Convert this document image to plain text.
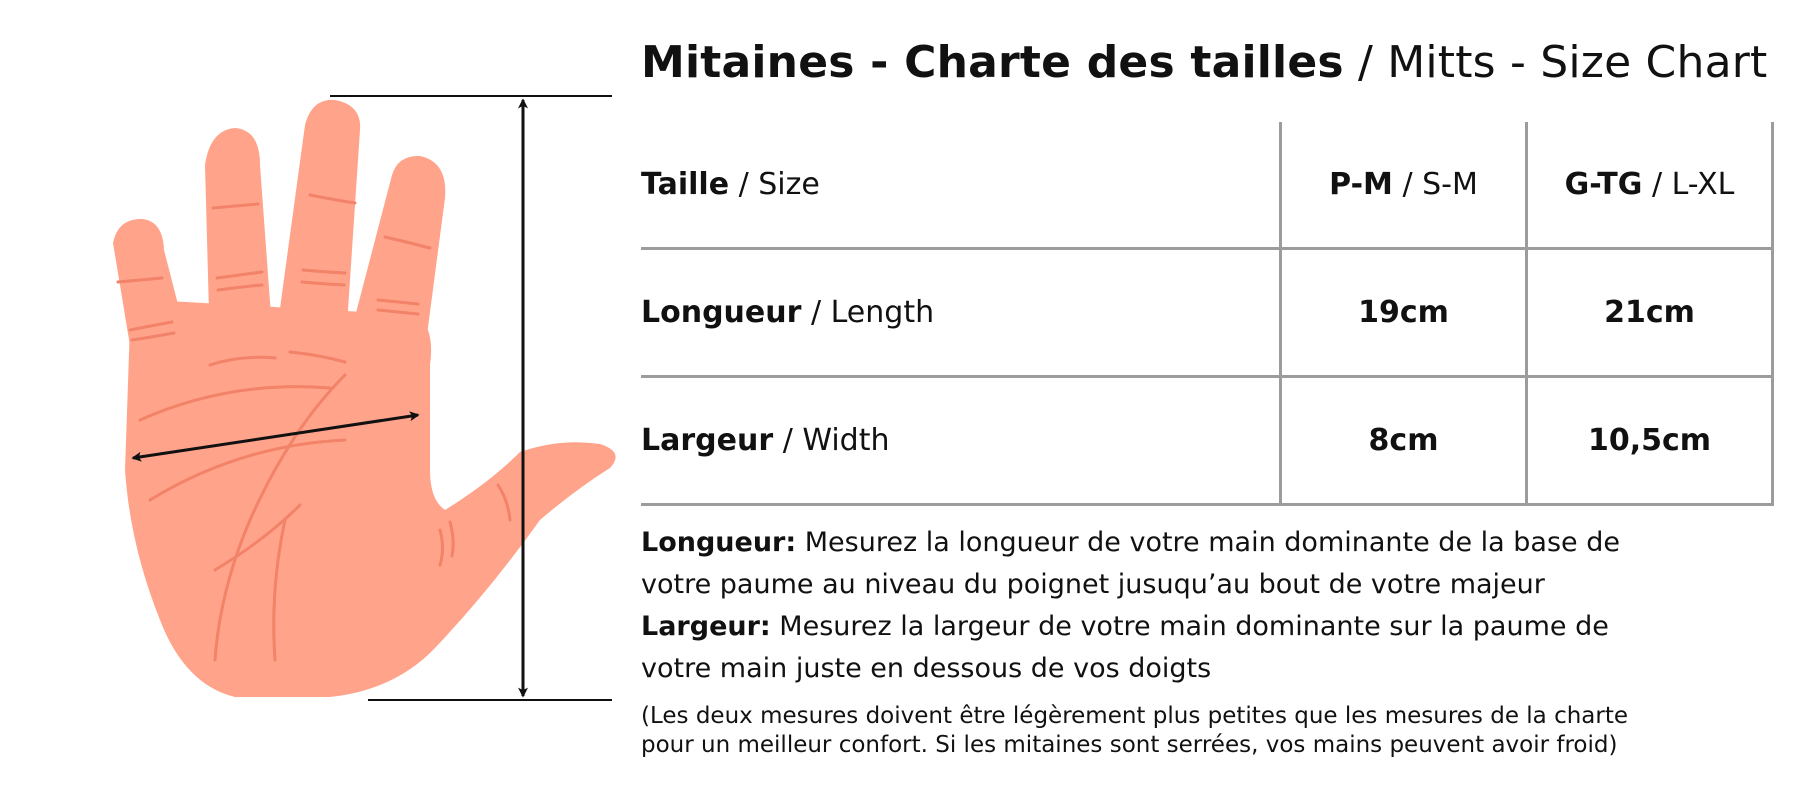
Mitaines - Charte des tailles / Mitts - Size Chart
Taille / Size	P-M / S-M	G-TG / L-XL
Longueur / Length	19cm	21cm
Largeur / Width	8cm	10,5cm

Longueur: Mesurez la longueur de votre main dominante de la base de votre paume au niveau du poignet jusuqu’au bout de votre majeur

Largeur: Mesurez la largeur de votre main dominante sur la paume de votre main juste en dessous de vos doigts

(Les deux mesures doivent être légèrement plus petites que les mesures de la charte
pour un meilleur confort. Si les mitaines sont serrées, vos mains peuvent avoir froid)
